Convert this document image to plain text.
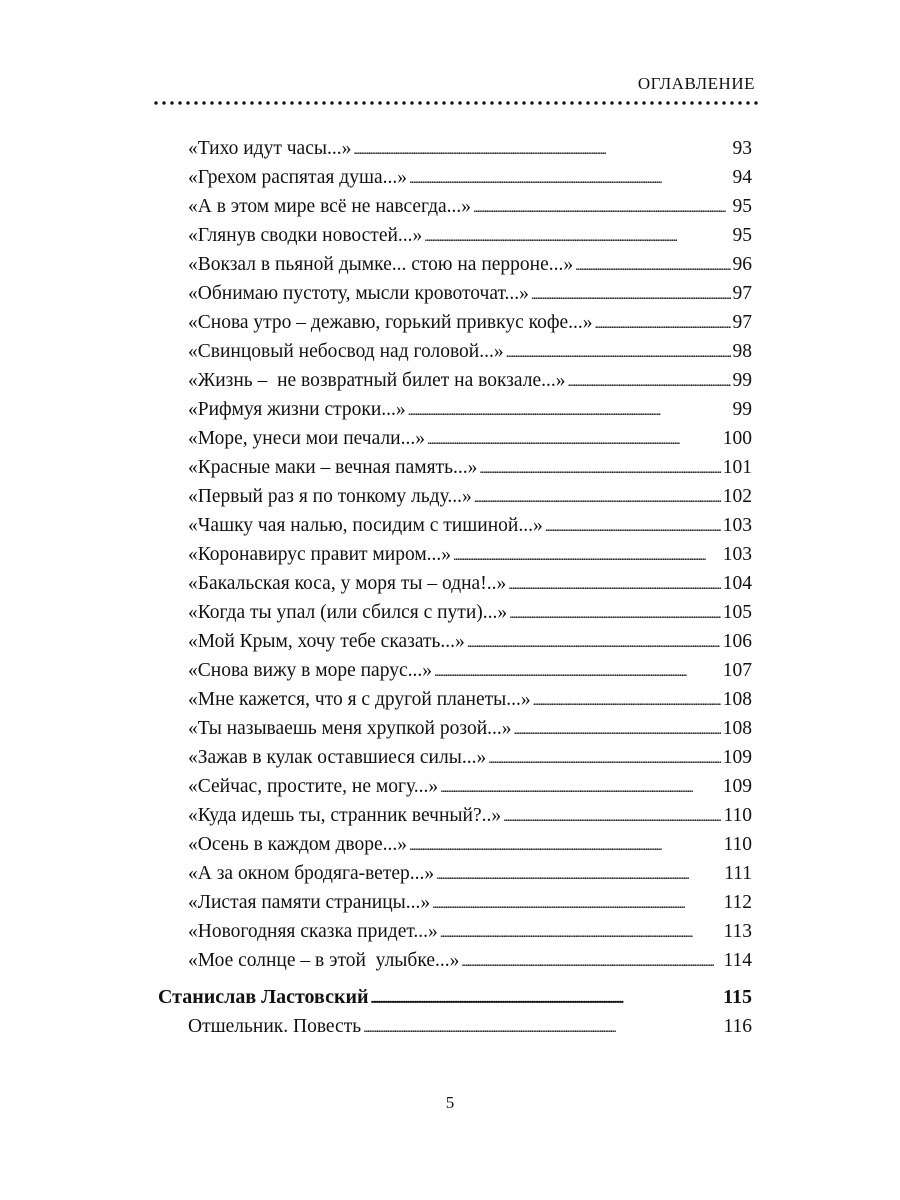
ОГЛАВЛЕНИЕ
«Тихо идут часы...» . . .	93
«Грехом распятая душа...» . . .	94
«А в этом мире всё не навсегда...» . . .	95
«Глянув сводки новостей...» . . .	95
«Вокзал в пьяной дымке... стою на перроне...» . . .	96
«Обнимаю пустоту, мысли кровоточат...» . . .	97
«Снова утро – дежавю, горький привкус кофе...» . . .	97
«Свинцовый небосвод над головой...» . . .	98
«Жизнь –  не возвратный билет на вокзале...» . . .	99
«Рифмуя жизни строки...» . . .	99
«Море, унеси мои печали...» . . .	100
«Красные маки – вечная память...» . . .	101
«Первый раз я по тонкому льду...» . . .	102
«Чашку чая налью, посидим с тишиной...» . . .	103
«Коронавирус правит миром...» . . .	103
«Бакальская коса, у моря ты – одна!..» . . .	104
«Когда ты упал (или сбился с пути)...» . . .	105
«Мой Крым, хочу тебе сказать...» . . .	106
«Снова вижу в море парус...» . . .	107
«Мне кажется, что я с другой планеты...» . . .	108
«Ты называешь меня хрупкой розой...» . . .	108
«Зажав в кулак оставшиеся силы...» . . .	109
«Сейчас, простите, не могу...» . . .	109
«Куда идешь ты, странник вечный?..» . . .	110
«Осень в каждом дворе...» . . .	110
«А за окном бродяга-ветер...» . . .	111
«Листая памяти страницы...» . . .	112
«Новогодняя сказка придет...» . . .	113
«Мое солнце – в этой  улыбке...» . . .	114
Станислав Ластовский . . .	115
Отшельник. Повесть . . .	116
5
